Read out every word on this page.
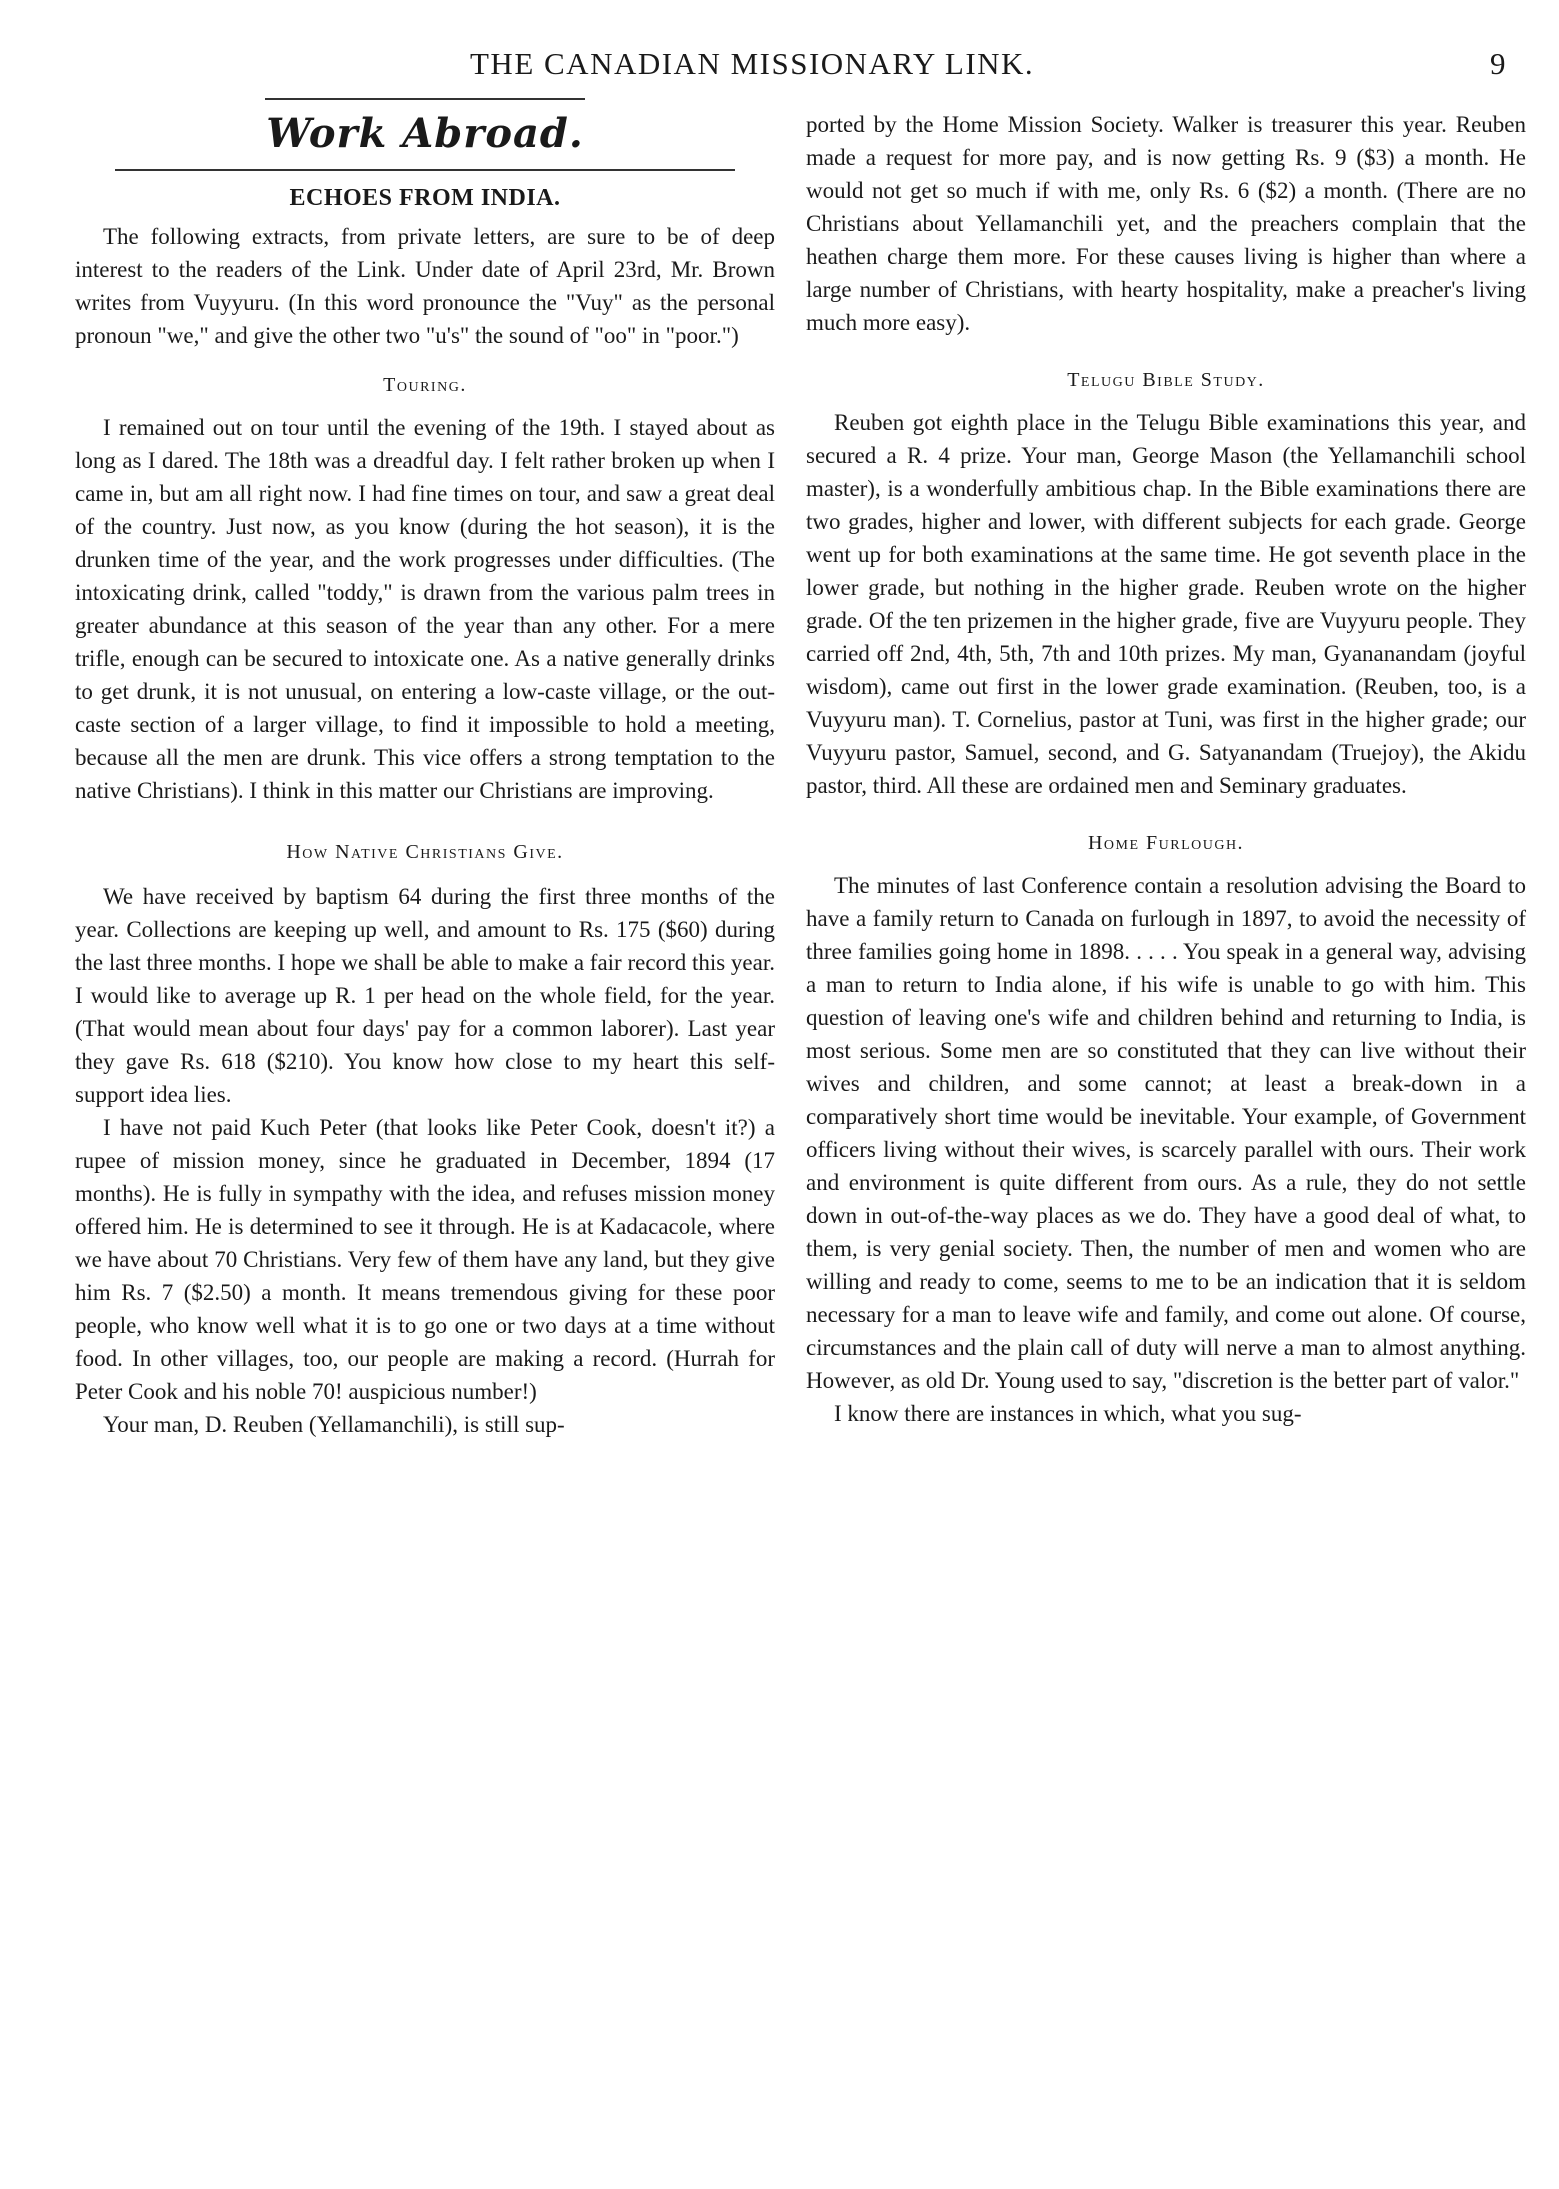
THE CANADIAN MISSIONARY LINK.	9
Work Abroad.
ECHOES FROM INDIA.

The following extracts, from private letters, are sure to be of deep interest to the readers of the Link. Under date of April 23rd, Mr. Brown writes from Vuyyuru. (In this word pronounce the "Vuy" as the personal pronoun "we," and give the other two "u's" the sound of "oo" in "poor.")

Touring.

I remained out on tour until the evening of the 19th. I stayed about as long as I dared. The 18th was a dreadful day. I felt rather broken up when I came in, but am all right now. I had fine times on tour, and saw a great deal of the country. Just now, as you know (during the hot season), it is the drunken time of the year, and the work progresses under difficulties. (The intoxicating drink, called "toddy," is drawn from the various palm trees in greater abundance at this season of the year than any other. For a mere trifle, enough can be secured to intoxicate one. As a native generally drinks to get drunk, it is not unusual, on entering a low-caste village, or the out-caste section of a larger village, to find it impossible to hold a meeting, because all the men are drunk. This vice offers a strong temptation to the native Christians). I think in this matter our Christians are improving.

How Native Christians Give.

We have received by baptism 64 during the first three months of the year. Collections are keeping up well, and amount to Rs. 175 ($60) during the last three months. I hope we shall be able to make a fair record this year. I would like to average up R. 1 per head on the whole field, for the year. (That would mean about four days' pay for a common laborer). Last year they gave Rs. 618 ($210). You know how close to my heart this self-support idea lies.

I have not paid Kuch Peter (that looks like Peter Cook, doesn't it?) a rupee of mission money, since he graduated in December, 1894 (17 months). He is fully in sympathy with the idea, and refuses mission money offered him. He is determined to see it through. He is at Kadacacole, where we have about 70 Christians. Very few of them have any land, but they give him Rs. 7 ($2.50) a month. It means tremendous giving for these poor people, who know well what it is to go one or two days at a time without food. In other villages, too, our people are making a record. (Hurrah for Peter Cook and his noble 70! auspicious number!)

Your man, D. Reuben (Yellamanchili), is still sup-

ported by the Home Mission Society. Walker is treasurer this year. Reuben made a request for more pay, and is now getting Rs. 9 ($3) a month. He would not get so much if with me, only Rs. 6 ($2) a month. (There are no Christians about Yellamanchili yet, and the preachers complain that the heathen charge them more. For these causes living is higher than where a large number of Christians, with hearty hospitality, make a preacher's living much more easy).

Telugu Bible Study.

Reuben got eighth place in the Telugu Bible examinations this year, and secured a R. 4 prize. Your man, George Mason (the Yellamanchili school master), is a wonderfully ambitious chap. In the Bible examinations there are two grades, higher and lower, with different subjects for each grade. George went up for both examinations at the same time. He got seventh place in the lower grade, but nothing in the higher grade. Reuben wrote on the higher grade. Of the ten prizemen in the higher grade, five are Vuyyuru people. They carried off 2nd, 4th, 5th, 7th and 10th prizes. My man, Gyananandam (joyful wisdom), came out first in the lower grade examination. (Reuben, too, is a Vuyyuru man). T. Cornelius, pastor at Tuni, was first in the higher grade; our Vuyyuru pastor, Samuel, second, and G. Satyanandam (Truejoy), the Akidu pastor, third. All these are ordained men and Seminary graduates.

Home Furlough.

The minutes of last Conference contain a resolution advising the Board to have a family return to Canada on furlough in 1897, to avoid the necessity of three families going home in 1898. . . . . You speak in a general way, advising a man to return to India alone, if his wife is unable to go with him. This question of leaving one's wife and children behind and returning to India, is most serious. Some men are so constituted that they can live without their wives and children, and some cannot; at least a break-down in a comparatively short time would be inevitable. Your example, of Government officers living without their wives, is scarcely parallel with ours. Their work and environment is quite different from ours. As a rule, they do not settle down in out-of-the-way places as we do. They have a good deal of what, to them, is very genial society. Then, the number of men and women who are willing and ready to come, seems to me to be an indication that it is seldom necessary for a man to leave wife and family, and come out alone. Of course, circumstances and the plain call of duty will nerve a man to almost anything. However, as old Dr. Young used to say, "discretion is the better part of valor."

I know there are instances in which, what you sug-
